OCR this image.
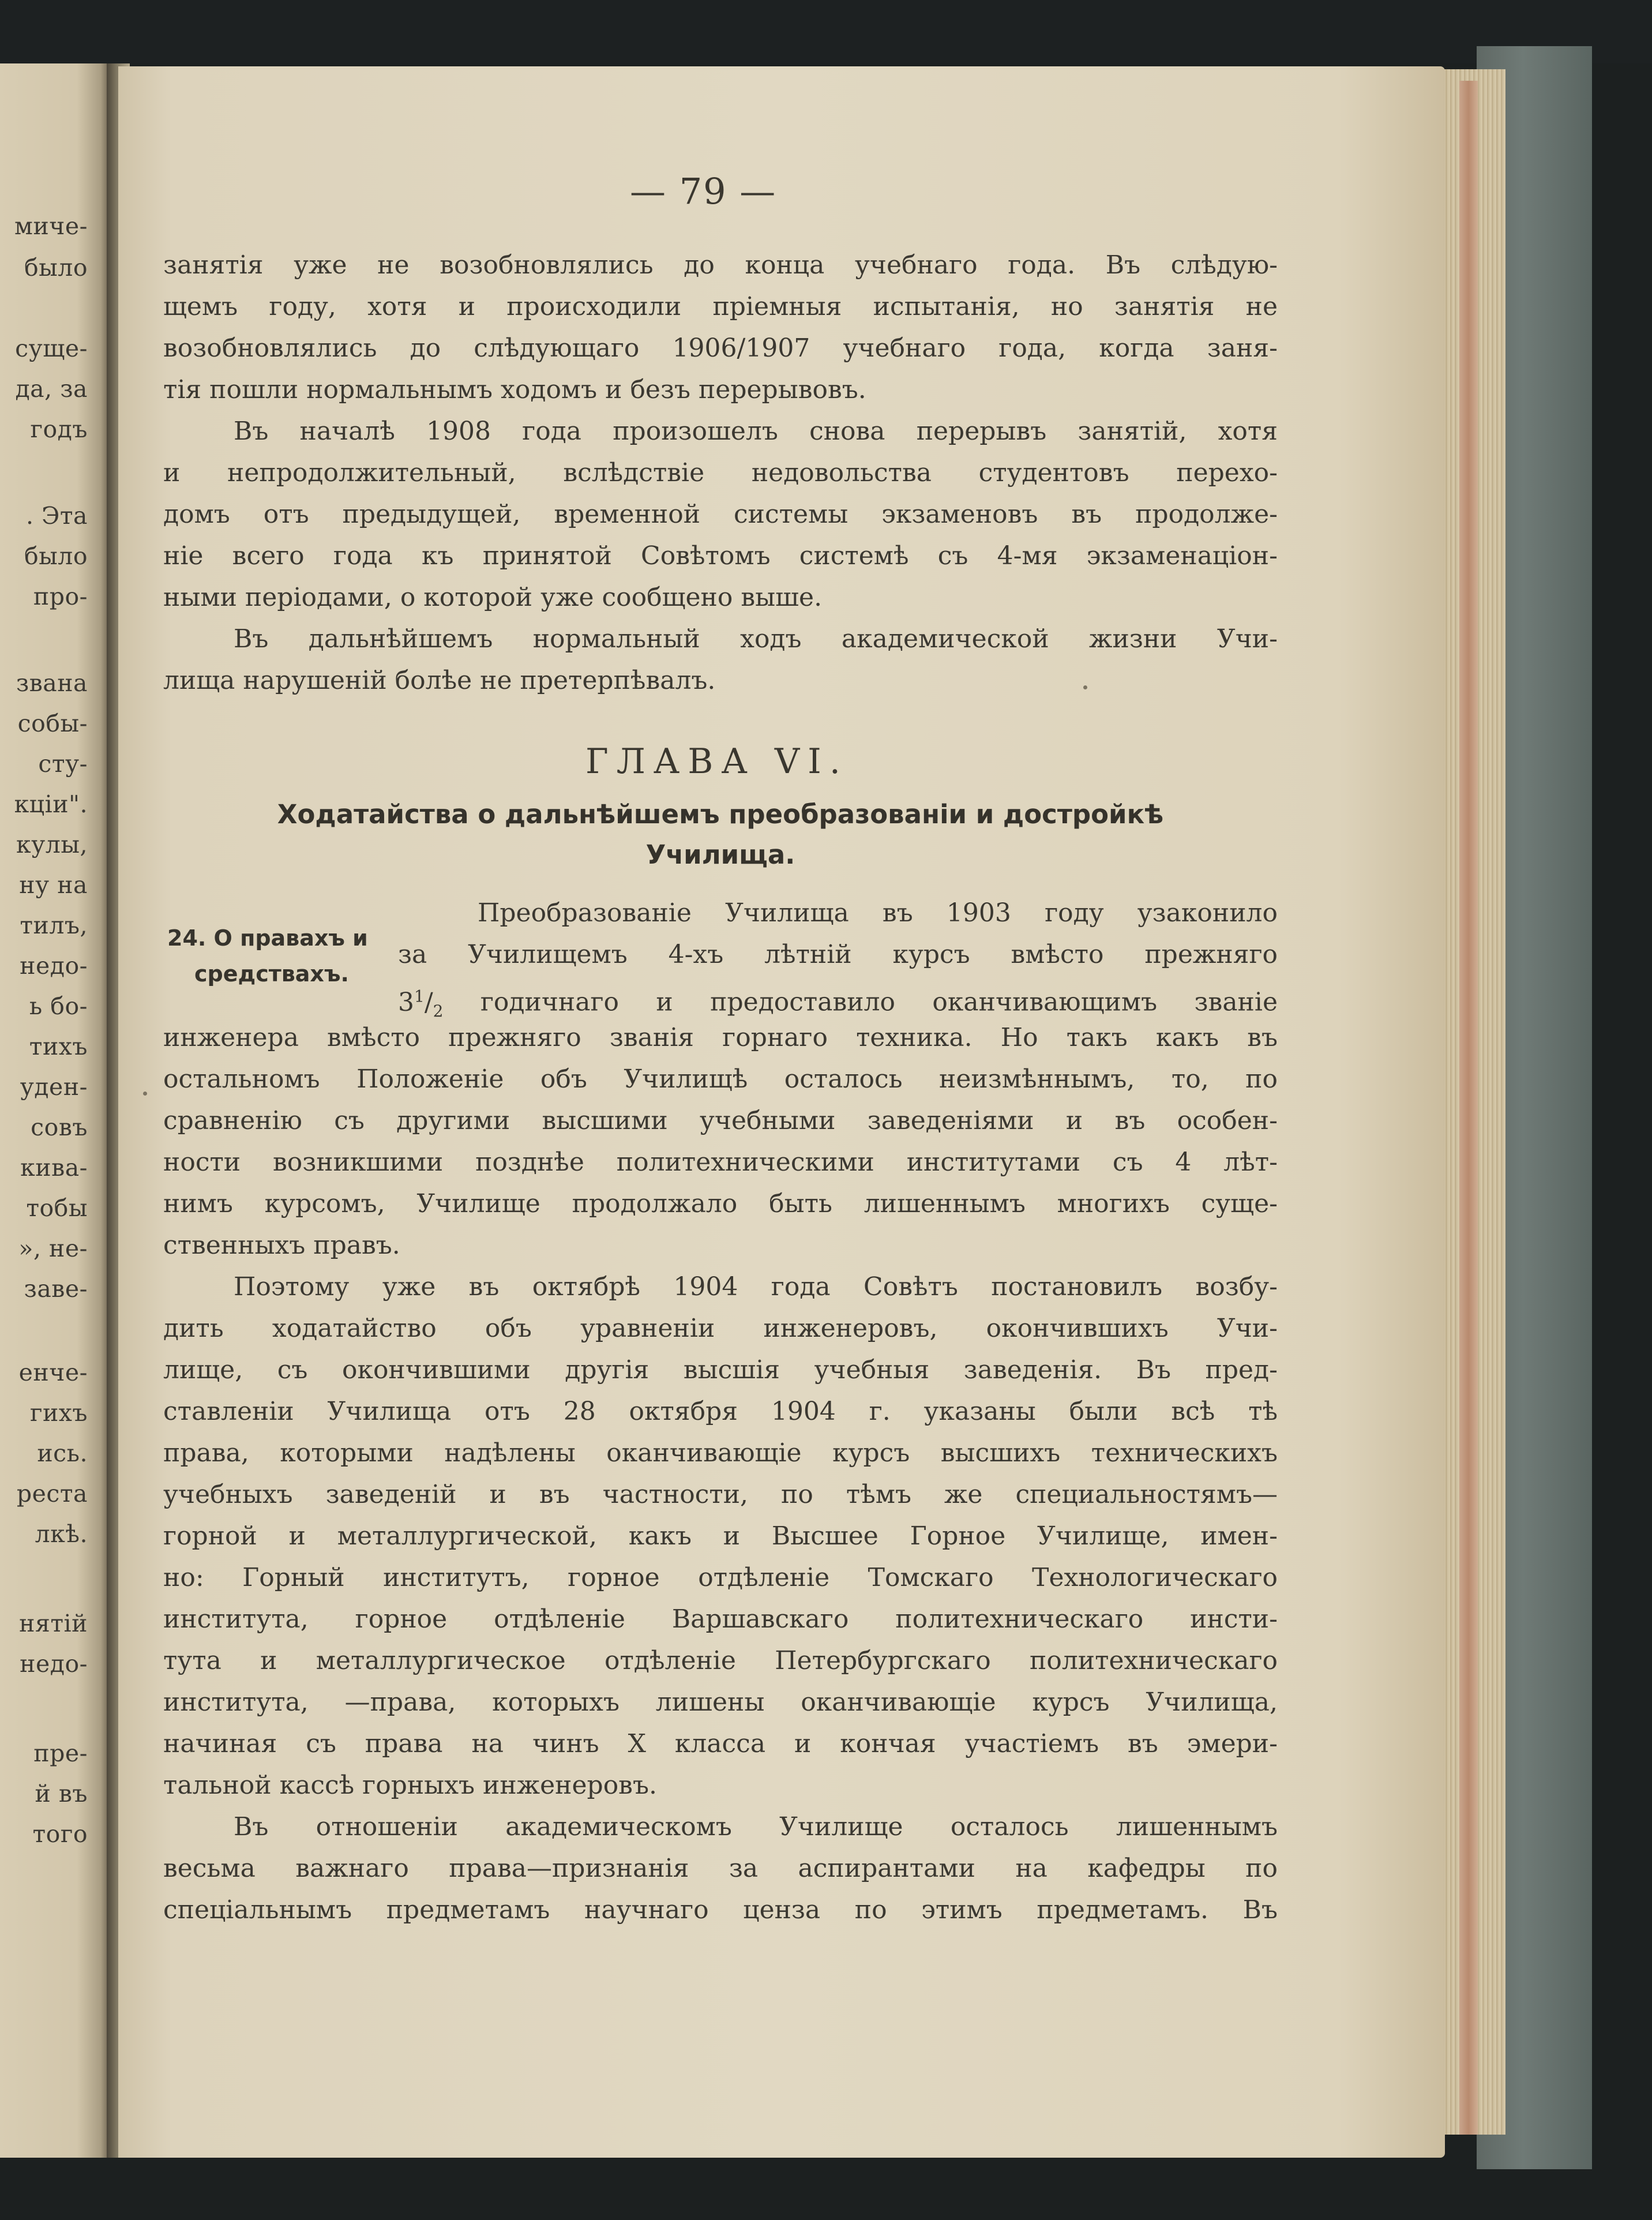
мичe-
было
суще-
да, за
годъ
. Эта
было
про-
звана
собы-
сту-
кціи".
кулы,
ну на
тилъ,
недо-
ь бо-
тихъ
уден-
совъ
кива-
тобы
», не-
заве-
енче-
гихъ
ись.
реста
лкѣ.
нятій
недо-
пре-
й въ
того
— 79 —
занятія уже не возобновлялись до конца учебнаго года. Въ слѣдую-
щемъ году, хотя и происходили пріемныя испытанія, но занятія не
возобновлялись до слѣдующаго 1906/1907 учебнаго года, когда заня-
тія пошли нормальнымъ ходомъ и безъ перерывовъ.
Въ началѣ 1908 года произошелъ снова перерывъ занятій, хотя
и непродолжительный, вслѣдствіе недовольства студентовъ перехо-
домъ отъ предыдущей, временной системы экзаменовъ въ продолже-
ніе всего года къ принятой Совѣтомъ системѣ съ 4-мя экзаменаціон-
ными періодами, о которой уже сообщено выше.
Въ дальнѣйшемъ нормальный ходъ академической жизни Учи-
лища нарушеній болѣе не претерпѣвалъ.
ГЛАВА VI.
Ходатайства о дальнѣйшемъ преобразованіи и достройкѣ
Училища.
24. О правахъ и
средствахъ.
Преобразованіе Училища въ 1903 году узаконило
за Училищемъ 4-хъ лѣтній курсъ вмѣсто прежняго
$3^1/_2$ годичнаго и предоставило оканчивающимъ званіе
инженера вмѣсто прежняго званія горнаго техника. Но такъ какъ въ
остальномъ Положеніе объ Училищѣ осталось неизмѣннымъ, то, по
сравненію съ другими высшими учебными заведеніями и въ особен-
ности возникшими позднѣе политехническими институтами съ 4 лѣт-
нимъ курсомъ, Училище продолжало быть лишеннымъ многихъ суще-
ственныхъ правъ.
Поэтому уже въ октябрѣ 1904 года Совѣтъ постановилъ возбу-
дить ходатайство объ уравненіи инженеровъ, окончившихъ Учи-
лище, съ окончившими другія высшія учебныя заведенія. Въ пред-
ставленіи Училища отъ 28 октября 1904 г. указаны были всѣ тѣ
права, которыми надѣлены оканчивающіе курсъ высшихъ техническихъ
учебныхъ заведеній и въ частности, по тѣмъ же специальностямъ—
горной и металлургической, какъ и Высшее Горное Училище, имен-
но: Горный институтъ, горное отдѣленіе Томскаго Технологическаго
института, горное отдѣленіе Варшавскаго политехническаго инсти-
тута и металлургическое отдѣленіе Петербургскаго политехническаго
института, —права, которыхъ лишены оканчивающіе курсъ Училища,
начиная съ права на чинъ X класса и кончая участіемъ въ эмери-
тальной кассѣ горныхъ инженеровъ.
Въ отношеніи академическомъ Училище осталось лишеннымъ
весьма важнаго права—признанія за аспирантами на кафедры по
спеціальнымъ предметамъ научнаго ценза по этимъ предметамъ. Въ
